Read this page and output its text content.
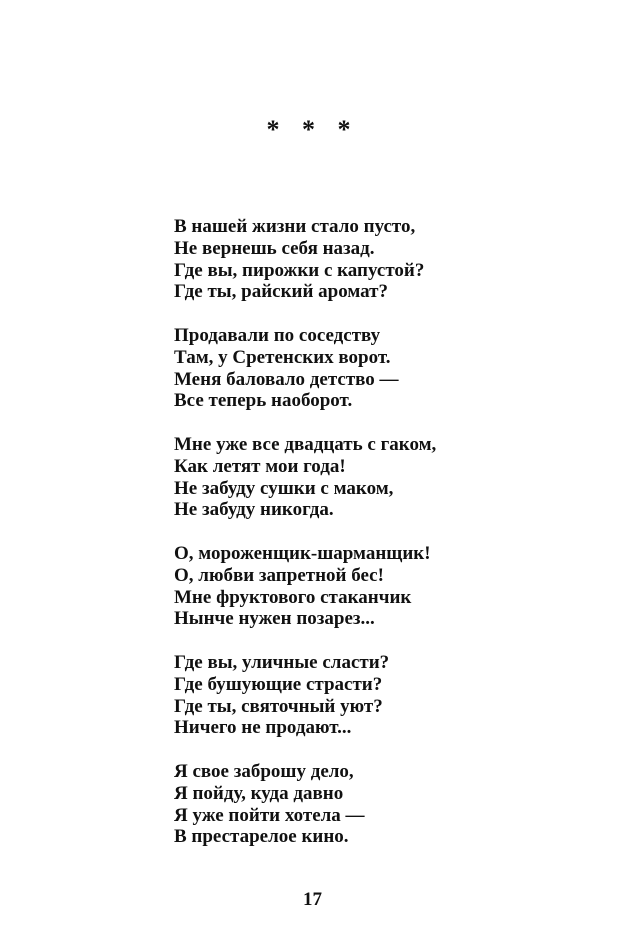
* * *
В нашей жизни стало пусто,
Не вернешь себя назад.
Где вы, пирожки с капустой?
Где ты, райский аромат?
Продавали по соседству
Там, у Сретенских ворот.
Меня баловало детство —
Все теперь наоборот.
Мне уже все двадцать с гаком,
Как летят мои года!
Не забуду сушки с маком,
Не забуду никогда.
О, мороженщик-шарманщик!
О, любви запретной бес!
Мне фруктового стаканчик
Нынче нужен позарез...
Где вы, уличные сласти?
Где бушующие страсти?
Где ты, святочный уют?
Ничего не продают...
Я свое заброшу дело,
Я пойду, куда давно
Я уже пойти хотела —
В престарелое кино.
17
